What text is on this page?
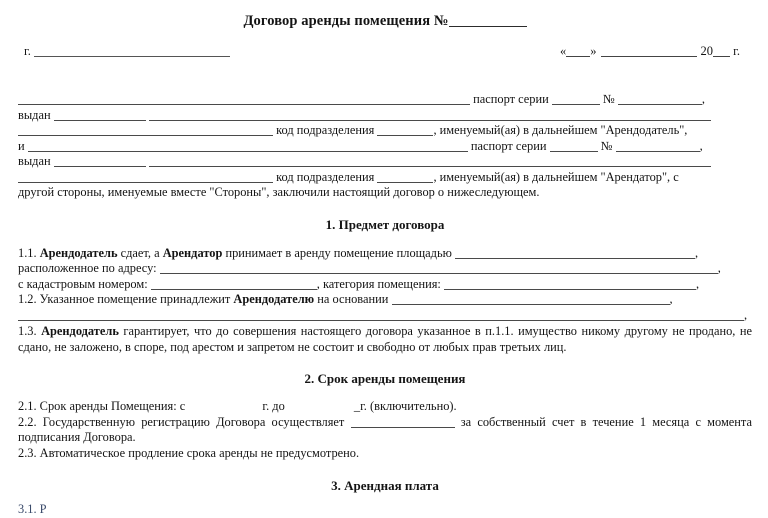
Договор аренды помещения №
г.	« »	20 г.
паспорт серии	№	,
выдан
код подразделения	, именуемый(ая) в дальнейшем "Арендодатель",
и	паспорт серии	№	,
выдан
код подразделения	, именуемый(ая) в дальнейшем "Арендатор", с
другой стороны, именуемые вместе "Стороны", заключили настоящий договор о нижеследующем.
1. Предмет договора
1.1. Арендодатель сдает, а Арендатор принимает в аренду помещение площадью	,
расположенное по адресу:	,
с кадастровым номером:	, категория помещения:	,
1.2. Указанное помещение принадлежит Арендодателю на основании	,
,
1.3. Арендодатель гарантирует, что до совершения настоящего договора указанное в п.1.1. имущество никому другому не продано, не сдано, не заложено, в споре, под арестом и запретом не состоит и свободно от любых прав третьих лиц.
2. Срок аренды помещения
2.1. Срок аренды Помещения: с	г. до	_г. (включительно).
2.2. Государственную регистрацию Договора осуществляет	за собственный счет в течение 1 месяца с момента подписания Договора.
2.3. Автоматическое продление срока аренды не предусмотрено.
3. Арендная плата
3.1. Р
